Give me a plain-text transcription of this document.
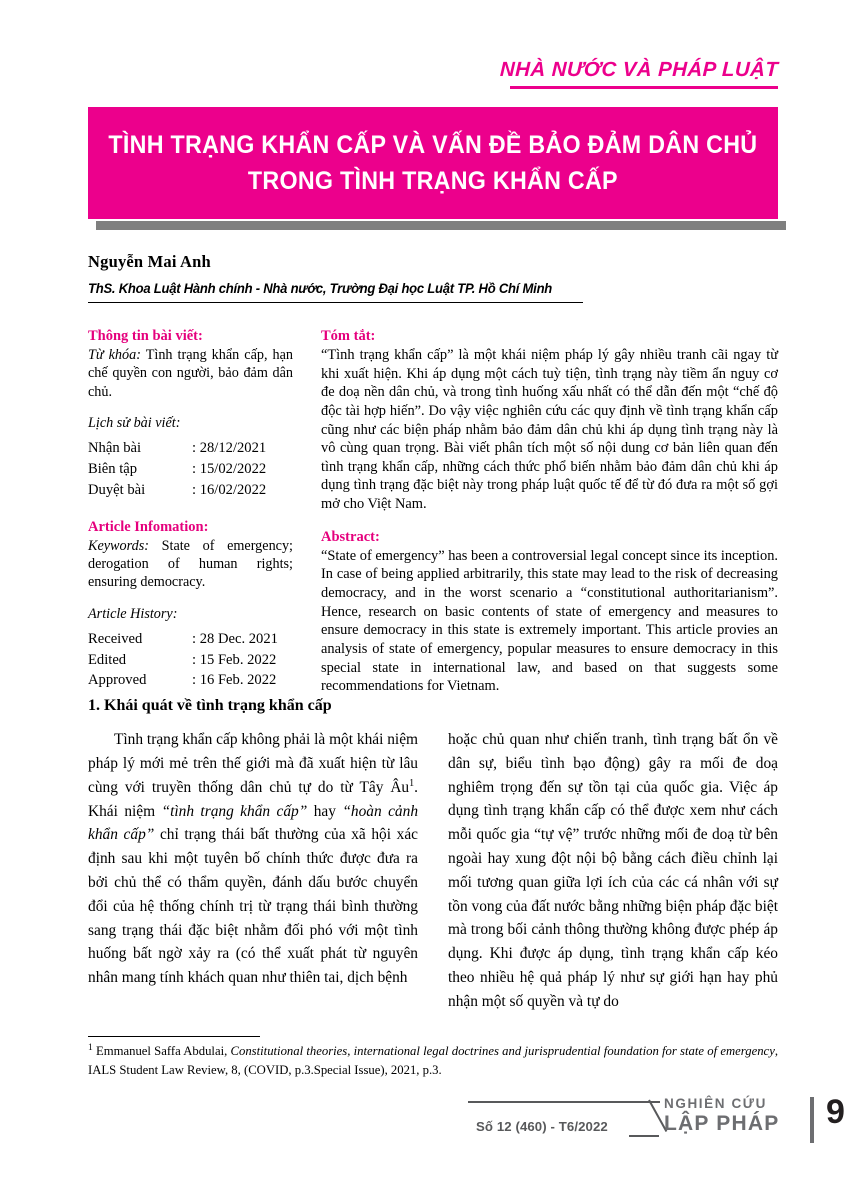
NHÀ NƯỚC VÀ PHÁP LUẬT
TÌNH TRẠNG KHẨN CẤP VÀ VẤN ĐỀ BẢO ĐẢM DÂN CHỦ
TRONG TÌNH TRẠNG KHẨN CẤP
Nguyễn Mai Anh
ThS. Khoa Luật Hành chính - Nhà nước, Trường Đại học Luật TP. Hồ Chí Minh
Thông tin bài viết:
Từ khóa: Tình trạng khẩn cấp, hạn chế quyền con người, bảo đảm dân chủ.
Lịch sử bài viết:
Nhận bài	: 28/12/2021
Biên tập	: 15/02/2022
Duyệt bài	: 16/02/2022
Article Infomation:
Keywords: State of emergency; derogation of human rights; ensuring democracy.
Article History:
Received	: 28 Dec. 2021
Edited	: 15 Feb. 2022
Approved	: 16 Feb. 2022
Tóm tắt:
“Tình trạng khẩn cấp” là một khái niệm pháp lý gây nhiều tranh cãi ngay từ khi xuất hiện. Khi áp dụng một cách tuỳ tiện, tình trạng này tiềm ẩn nguy cơ đe doạ nền dân chủ, và trong tình huống xấu nhất có thể dẫn đến một “chế độ độc tài hợp hiến”. Do vậy việc nghiên cứu các quy định về tình trạng khẩn cấp cũng như các biện pháp nhằm bảo đảm dân chủ khi áp dụng tình trạng này là vô cùng quan trọng. Bài viết phân tích một số nội dung cơ bản liên quan đến tình trạng khẩn cấp, những cách thức phổ biến nhằm bảo đảm dân chủ khi áp dụng tình trạng đặc biệt này trong pháp luật quốc tế để từ đó đưa ra một số gợi mở cho Việt Nam.
Abstract:
“State of emergency” has been a controversial legal concept since its inception. In case of being applied arbitrarily, this state may lead to the risk of decreasing democracy, and in the worst scenario a “constitutional authoritarianism”. Hence, research on basic contents of state of emergency and measures to ensure democracy in this state is extremely important. This article provies an analysis of state of emergency, popular measures to ensure democracy in this special state in international law, and based on that suggests some recommendations for Vietnam.
1. Khái quát về tình trạng khẩn cấp

Tình trạng khẩn cấp không phải là một khái niệm pháp lý mới mẻ trên thế giới mà đã xuất hiện từ lâu cùng với truyền thống dân chủ tự do từ Tây $Âu^1$. Khái niệm “tình trạng khẩn cấp” hay “hoàn cảnh khẩn cấp” chỉ trạng thái bất thường của xã hội xác định sau khi một tuyên bố chính thức được đưa ra bởi chủ thể có thẩm quyền, đánh dấu bước chuyển đổi của hệ thống chính trị từ trạng thái bình thường sang trạng thái đặc biệt nhằm đối phó với một tình huống bất ngờ xảy ra (có thể xuất phát từ nguyên nhân mang tính khách quan như thiên tai, dịch bệnh

hoặc chủ quan như chiến tranh, tình trạng bất ổn về dân sự, biểu tình bạo động) gây ra mối đe doạ nghiêm trọng đến sự tồn tại của quốc gia. Việc áp dụng tình trạng khẩn cấp có thể được xem như cách mỗi quốc gia “tự vệ” trước những mối đe doạ từ bên ngoài hay xung đột nội bộ bằng cách điều chỉnh lại mối tương quan giữa lợi ích của các cá nhân với sự tồn vong của đất nước bằng những biện pháp đặc biệt mà trong bối cảnh thông thường không được phép áp dụng. Khi được áp dụng, tình trạng khẩn cấp kéo theo nhiều hệ quả pháp lý như sự giới hạn hay phủ nhận một số quyền và tự do

$^1$ Emmanuel Saffa Abdulai, Constitutional theories, international legal doctrines and jurisprudential foundation for state of emergency, IALS Student Law Review, 8, (COVID, p.3.Special Issue), 2021, p.3.
Số 12 (460) - T6/2022
NGHIÊN CỨU
LẬP PHÁP	9
